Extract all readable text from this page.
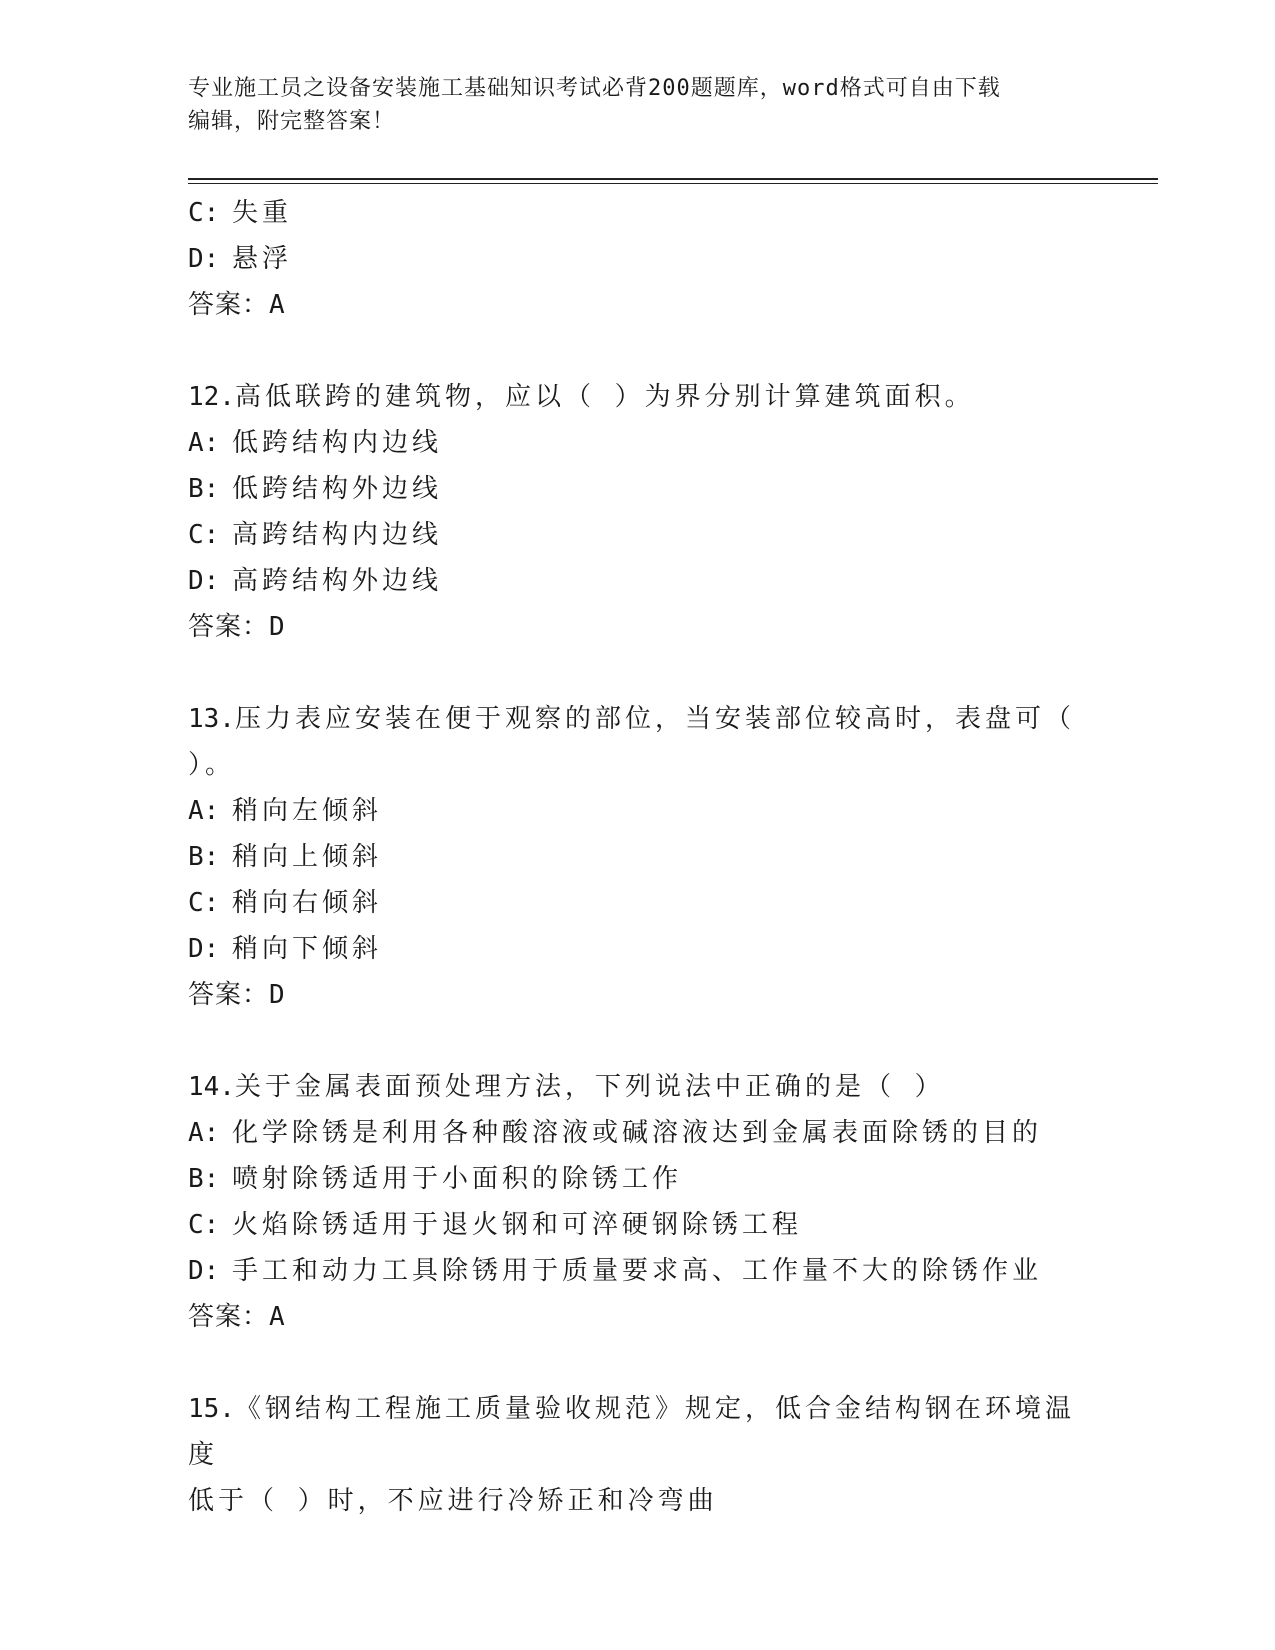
专业施工员之设备安装施工基础知识考试必背200题题库，word格式可自由下载
编辑，附完整答案！
C: 失重
D: 悬浮
答案：A
12.高低联跨的建筑物，应以（ ）为界分别计算建筑面积。
A: 低跨结构内边线
B: 低跨结构外边线
C: 高跨结构内边线
D: 高跨结构外边线
答案：D
13.压力表应安装在便于观察的部位，当安装部位较高时，表盘可（
）。
A: 稍向左倾斜
B: 稍向上倾斜
C: 稍向右倾斜
D: 稍向下倾斜
答案：D
14.关于金属表面预处理方法，下列说法中正确的是（ ）
A: 化学除锈是利用各种酸溶液或碱溶液达到金属表面除锈的目的
B: 喷射除锈适用于小面积的除锈工作
C: 火焰除锈适用于退火钢和可淬硬钢除锈工程
D: 手工和动力工具除锈用于质量要求高、工作量不大的除锈作业
答案：A
15.《钢结构工程施工质量验收规范》规定，低合金结构钢在环境温度
低于（ ）时，不应进行冷矫正和冷弯曲
